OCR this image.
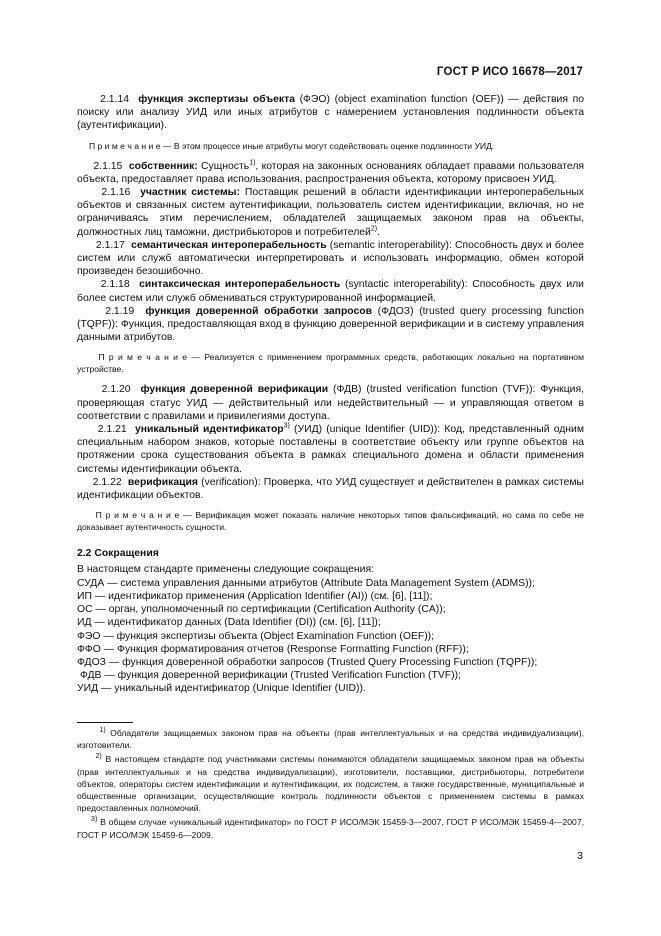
ГОСТ Р ИСО 16678—2017

2.1.14 функция экспертизы объекта (ФЭО) (object examination function (OEF)) — действия по поиску или анализу УИД или иных атрибутов с намерением установления подлинности объекта (аутентификации).

П р и м е ч а н и е — В этом процессе иные атрибуты могут содействовать оценке подлинности УИД.

2.1.15 собственник: Сущность$^{1)}$, которая на законных основаниях обладает правами пользователя объекта, предоставляет права использования, распространения объекта, которому присвоен УИД.

2.1.16 участник системы: Поставщик решений в области идентификации интероперабельных объектов и связанных систем аутентификации, пользователь систем идентификации, включая, но не ограничиваясь этим перечислением, обладателей защищаемых законом прав на объекты, должностных лиц таможни, дистрибьюторов и потребителей$^{2)}$.

2.1.17 семантическая интероперабельность (semantic interoperability): Способность двух и более систем или служб автоматически интерпретировать и использовать информацию, обмен которой произведен безошибочно.

2.1.18 синтаксическая интероперабельность (syntactic interoperability): Способность двух или более систем или служб обмениваться структурированной информацией.

2.1.19 функция доверенной обработки запросов (ФДОЗ) (trusted query processing function (TQPF)): Функция, предоставляющая вход в функцию доверенной верификации и в систему управления данными атрибутов.

П р и м е ч а н и е — Реализуется с применением программных средств, работающих локально на портативном устройстве.

2.1.20 функция доверенной верификации (ФДВ) (trusted verification function (TVF)): Функция, проверяющая статус УИД — действительный или недействительный — и управляющая ответом в соответствии с правилами и привилегиями доступа.

2.1.21 уникальный идентификатор$^{3)}$ (УИД) (unique Identifier (UID)): Код, представленный одним специальным набором знаков, которые поставлены в соответствие объекту или группе объектов на протяжении срока существования объекта в рамках специального домена и области применения системы идентификации объекта.

2.1.22 верификация (verification): Проверка, что УИД существует и действителен в рамках системы идентификации объектов.

П р и м е ч а н и е — Верификация может показать наличие некоторых типов фальсификаций, но сама по себе не доказывает аутентичность сущности.

2.2 Сокращения

В настоящем стандарте применены следующие сокращения:

СУДА — система управления данными атрибутов (Attribute Data Management System (ADMS));

ИП — идентификатор применения (Application Identifier (AI)) (см. [6], [11]);

ОС — орган, уполномоченный по сертификации (Certification Authority (CA));

ИД — идентификатор данных (Data Identifier (DI)) (см. [6], [11]);

ФЭО — функция экспертизы объекта (Object Examination Function (OEF));

ФФО — Функция форматирования отчетов (Response Formatting Function (RFF));

ФДОЗ — функция доверенной обработки запросов (Trusted Query Processing Function (TQPF));

ФДВ — функция доверенной верификации (Trusted Verification Function (TVF));

УИД — уникальный идентификатор (Unique Identifier (UID)).

$^{1)}$ Обладатели защищаемых законом прав на объекты (прав интеллектуальных и на средства индивидуализации), изготовители.

$^{2)}$ В настоящем стандарте под участниками системы понимаются обладатели защищаемых законом прав на объекты (прав интеллектуальных и на средства индивидуализации), изготовители, поставщики, дистрибьюторы, потребители объектов, операторы систем идентификации и аутентификации, их подсистем, а также государственные, муниципальные и общественные организации, осуществляющие контроль подлинности объектов с применением системы в рамках предоставленных полномочий.

$^{3)}$ В общем случае «уникальный идентификатор» по ГОСТ Р ИСО/МЭК 15459-3—2007, ГОСТ Р ИСО/МЭК 15459-4—2007, ГОСТ Р ИСО/МЭК 15459-6—2009.

3
